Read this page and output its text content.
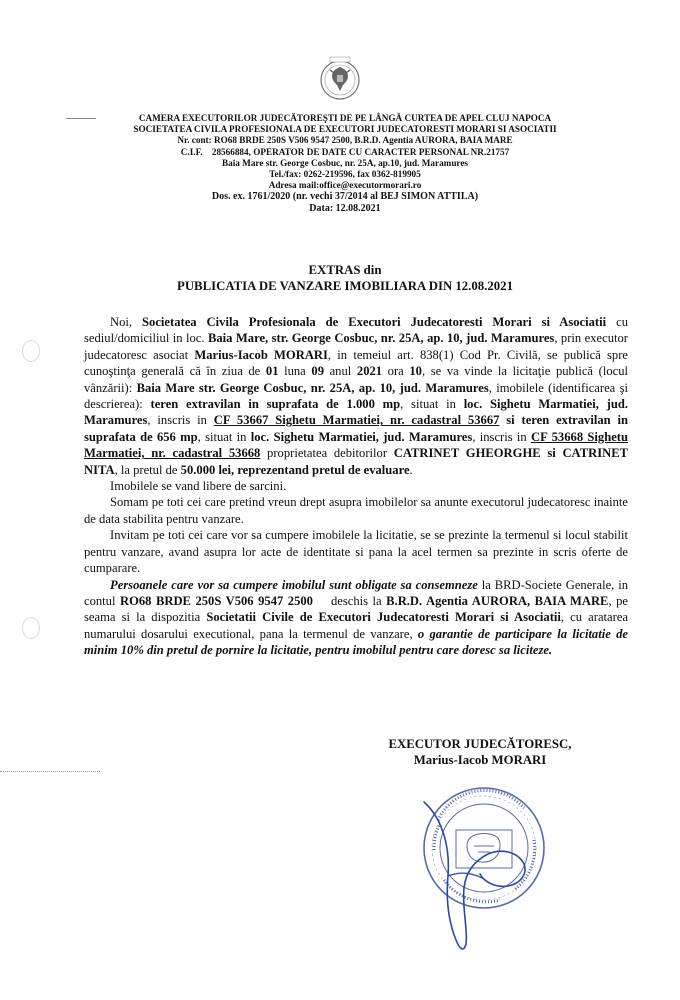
CAMERA EXECUTORILOR JUDECĂTOREŞTI DE PE LÂNGĂ CURTEA DE APEL CLUJ NAPOCA
SOCIETATEA CIVILA PROFESIONALA DE EXECUTORI JUDECATORESTI MORARI SI ASOCIATII
Nr. cont: RO68 BRDE 250S V506 9547 2500, B.R.D. Agentia AURORA, BAIA MARE
C.I.F.    28566884, OPERATOR DE DATE CU CARACTER PERSONAL NR.21757
Baia Mare str. George Cosbuc, nr. 25A, ap.10, jud. Maramures
Tel./fax: 0262-219596, fax 0362-819905
Adresa mail:office@executormorari.ro
Dos. ex. 1761/2020 (nr. vechi 37/2014 al BEJ SIMON ATTILA)
Data: 12.08.2021
EXTRAS din
PUBLICATIA DE VANZARE IMOBILIARA DIN 12.08.2021

Noi, Societatea Civila Profesionala de Executori Judecatoresti Morari si Asociatii cu sediul/domiciliul in loc. Baia Mare, str. George Cosbuc, nr. 25A, ap. 10, jud. Maramures, prin executor judecatoresc asociat Marius-Iacob MORARI, in temeiul art. 838(1) Cod Pr. Civilă, se publică spre cunoştinţa generală că în ziua de 01 luna 09 anul 2021 ora 10, se va vinde la licitaţie publică (locul vânzării): Baia Mare str. George Cosbuc, nr. 25A, ap. 10, jud. Maramures, imobilele (identificarea şi descrierea): teren extravilan in suprafata de 1.000 mp, situat in loc. Sighetu Marmatiei, jud. Maramures, inscris in CF 53667 Sighetu Marmatiei, nr. cadastral 53667 si teren extravilan in suprafata de 656 mp, situat in loc. Sighetu Marmatiei, jud. Maramures, inscris in CF 53668 Sighetu Marmatiei, nr. cadastral 53668 proprietatea debitorilor CATRINET GHEORGHE si CATRINET NITA, la pretul de 50.000 lei, reprezentand pretul de evaluare.

Imobilele se vand libere de sarcini.

Somam pe toti cei care pretind vreun drept asupra imobilelor sa anunte executorul judecatoresc inainte de data stabilita pentru vanzare.

Invitam pe toti cei care vor sa cumpere imobilele la licitatie, se se prezinte la termenul si locul stabilit pentru vanzare, avand asupra lor acte de identitate si pana la acel termen sa prezinte in scris oferte de cumparare.

Persoanele care vor sa cumpere imobilul sunt obligate sa consemneze la BRD-Societe Generale, in contul RO68 BRDE 250S V506 9547 2500    deschis la B.R.D. Agentia AURORA, BAIA MARE, pe seama si la dispozitia Societatii Civile de Executori Judecatoresti Morari si Asociatii, cu aratarea numarului dosarului executional, pana la termenul de vanzare, o garantie de participare la licitatie de minim 10% din pretul de pornire la licitatie, pentru imobilul pentru care doresc sa liciteze.

EXECUTOR JUDECĂTORESC,
Marius-Iacob MORARI
